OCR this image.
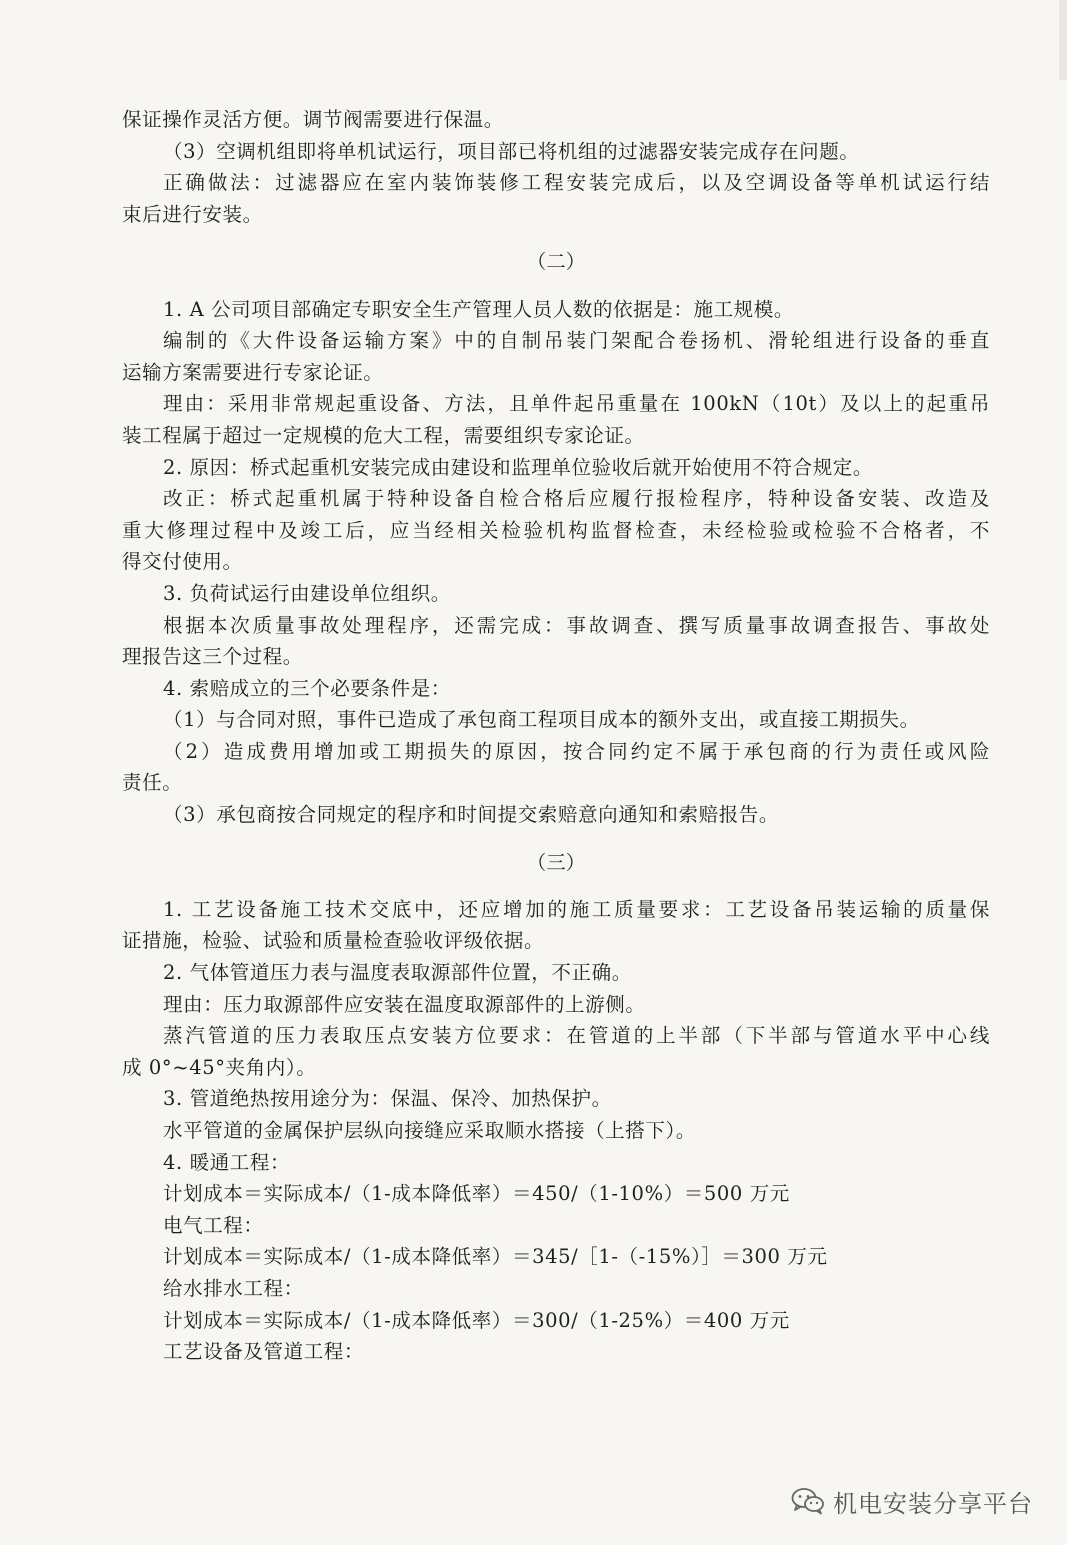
保证操作灵活方便。调节阀需要进行保温。
（3）空调机组即将单机试运行，项目部已将机组的过滤器安装完成存在问题。
正确做法：过滤器应在室内装饰装修工程安装完成后，以及空调设备等单机试运行结
束后进行安装。
（二）
1. A 公司项目部确定专职安全生产管理人员人数的依据是：施工规模。
编制的《大件设备运输方案》中的自制吊装门架配合卷扬机、滑轮组进行设备的垂直
运输方案需要进行专家论证。
理由：采用非常规起重设备、方法，且单件起吊重量在 100kN（10t）及以上的起重吊
装工程属于超过一定规模的危大工程，需要组织专家论证。
2. 原因：桥式起重机安装完成由建设和监理单位验收后就开始使用不符合规定。
改正：桥式起重机属于特种设备自检合格后应履行报检程序，特种设备安装、改造及
重大修理过程中及竣工后，应当经相关检验机构监督检查，未经检验或检验不合格者，不
得交付使用。
3. 负荷试运行由建设单位组织。
根据本次质量事故处理程序，还需完成：事故调查、撰写质量事故调查报告、事故处
理报告这三个过程。
4. 索赔成立的三个必要条件是：
（1）与合同对照，事件已造成了承包商工程项目成本的额外支出，或直接工期损失。
（2）造成费用增加或工期损失的原因，按合同约定不属于承包商的行为责任或风险
责任。
（3）承包商按合同规定的程序和时间提交索赔意向通知和索赔报告。
（三）
1. 工艺设备施工技术交底中，还应增加的施工质量要求：工艺设备吊装运输的质量保
证措施，检验、试验和质量检查验收评级依据。
2. 气体管道压力表与温度表取源部件位置，不正确。
理由：压力取源部件应安装在温度取源部件的上游侧。
蒸汽管道的压力表取压点安装方位要求：在管道的上半部（下半部与管道水平中心线
成 0°~45°夹角内）。
3. 管道绝热按用途分为：保温、保冷、加热保护。
水平管道的金属保护层纵向接缝应采取顺水搭接（上搭下）。
4. 暖通工程：
计划成本＝实际成本/（1-成本降低率）＝450/（1-10%）＝500 万元
电气工程：
计划成本＝实际成本/（1-成本降低率）＝345/［1-（-15%）］＝300 万元
给水排水工程：
计划成本＝实际成本/（1-成本降低率）＝300/（1-25%）＝400 万元
工艺设备及管道工程：
机电安装分享平台
